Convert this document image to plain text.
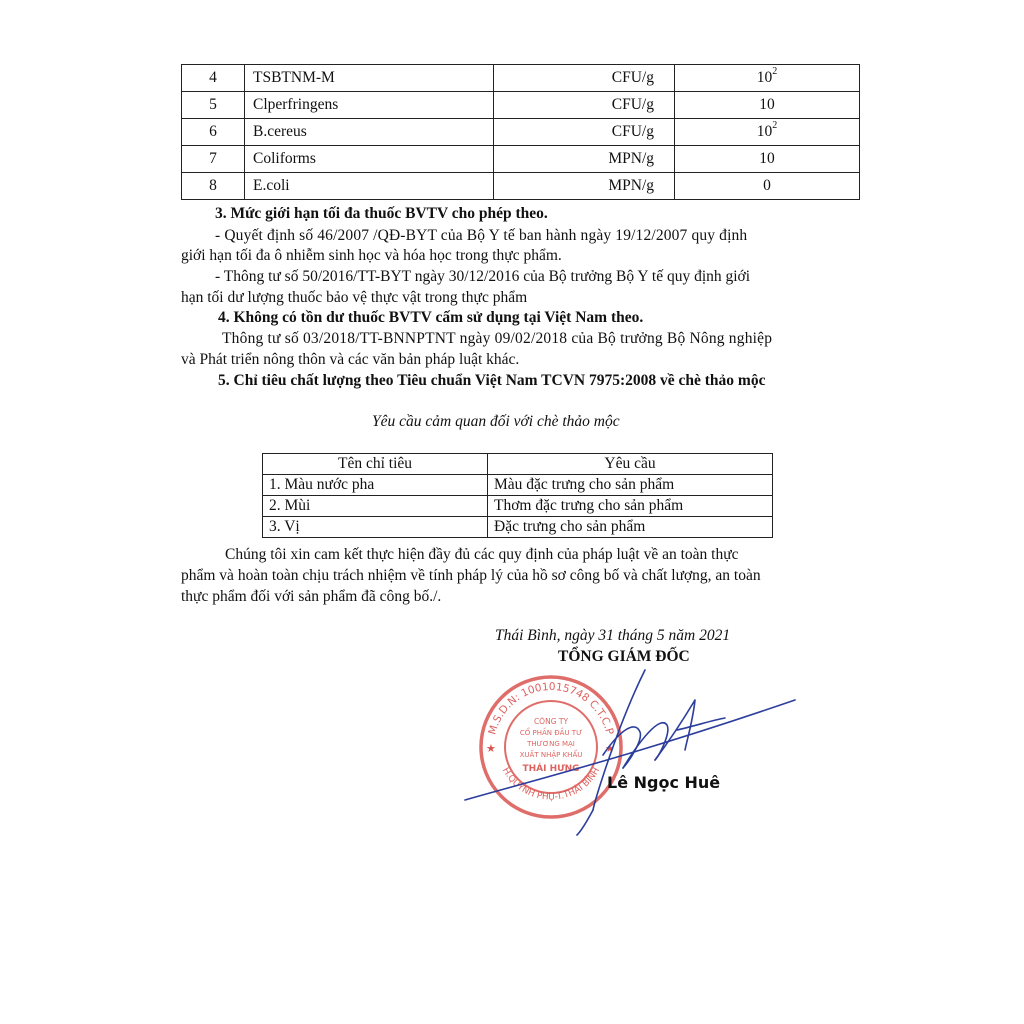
4	TSBTNM-M	CFU/g	$10^2$
5	Clperfringens	CFU/g	10
6	B.cereus	CFU/g	$10^2$
7	Coliforms	MPN/g	10
8	E.coli	MPN/g	0
3. Mức giới hạn tối đa thuốc BVTV cho phép theo.
- Quyết định số 46/2007 /QĐ-BYT của Bộ Y tế ban hành ngày 19/12/2007 quy định
giới hạn tối đa ô nhiễm sinh học và hóa học trong thực phẩm.
- Thông tư số 50/2016/TT-BYT ngày 30/12/2016 của Bộ trưởng Bộ Y tế quy định giới
hạn tối dư lượng thuốc bảo vệ thực vật trong thực phẩm
4. Không có tồn dư thuốc BVTV cấm sử dụng tại Việt Nam theo.
Thông tư số 03/2018/TT-BNNPTNT ngày 09/02/2018 của Bộ trưởng Bộ Nông nghiệp
và Phát triển nông thôn và các văn bản pháp luật khác.
5. Chỉ tiêu chất lượng theo Tiêu chuẩn Việt Nam TCVN 7975:2008 về chè thảo mộc
Yêu cầu cảm quan đối với chè thảo mộc
Tên chỉ tiêu	Yêu cầu
1. Màu nước pha	Màu đặc trưng cho sản phẩm
2. Mùi	Thơm đặc trưng cho sản phẩm
3. Vị	Đặc trưng cho sản phẩm
Chúng tôi xin cam kết thực hiện đầy đủ các quy định của pháp luật về an toàn thực
phẩm và hoàn toàn chịu trách nhiệm về tính pháp lý của hồ sơ công bố và chất lượng, an toàn
thực phẩm đối với sản phẩm đã công bố./.
Thái Bình, ngày 31 tháng 5 năm 2021
TỔNG GIÁM ĐỐC
M.S.D.N: 1001015748 C.T.C.P
H.QUỲNH PHỤ-T.THÁI BÌNH
★	★
CÔNG TY
CỔ PHẦN ĐẦU TƯ
THƯƠNG MẠI
XUẤT NHẬP KHẨU
THÁI HƯNG
Lê Ngọc Huê
